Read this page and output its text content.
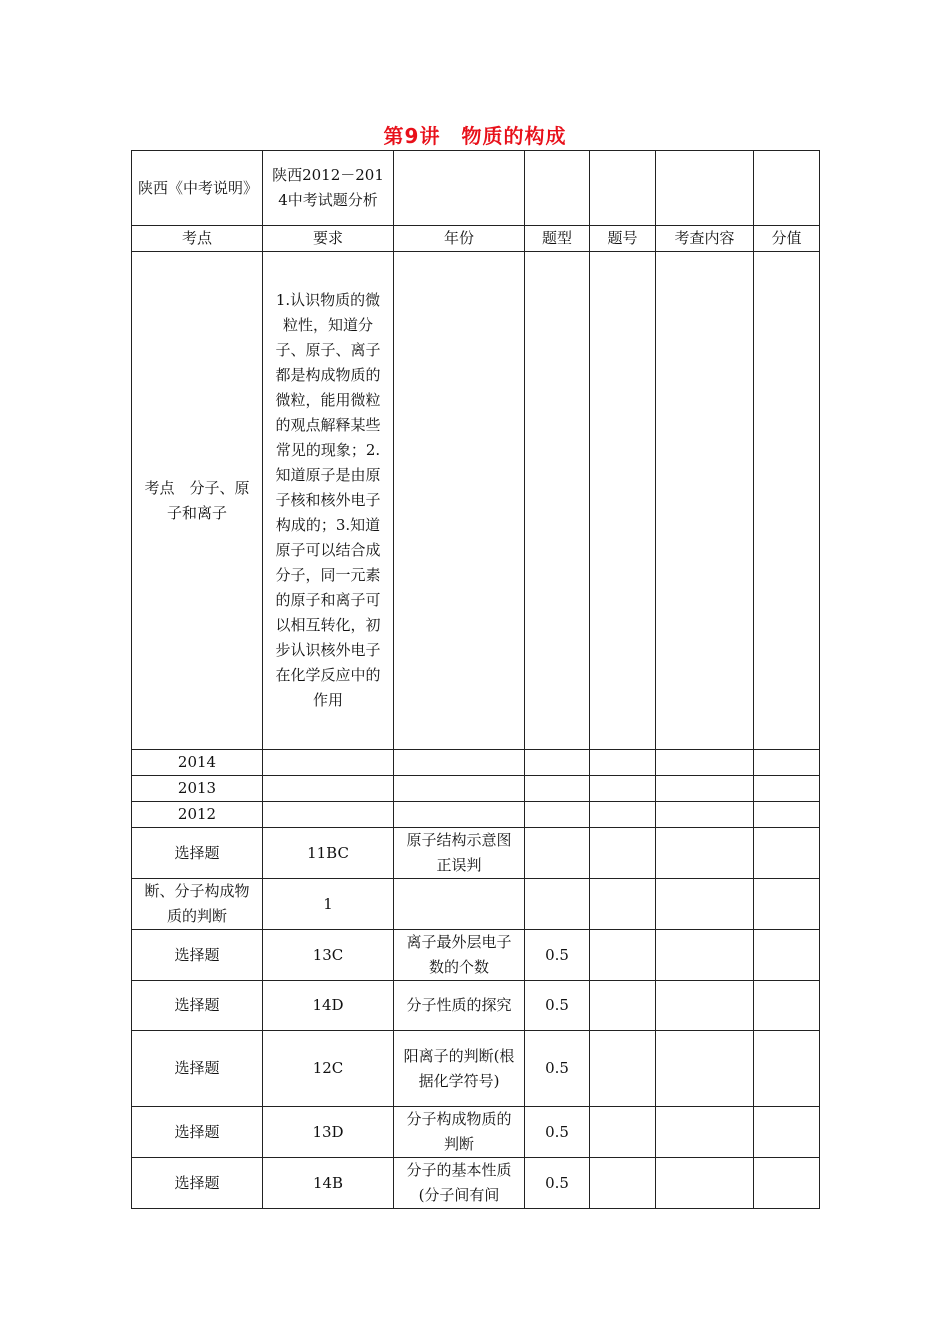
第9讲　物质的构成
陕西《中考说明》	陕西2012－2014中考试题分析					
考点	要求	年份	题型	题号	考查内容	分值
考点　分子、原子和离子	1.认识物质的微粒性，知道分子、原子、离子都是构成物质的微粒，能用微粒的观点解释某些常见的现象；2.知道原子是由原子核和核外电子构成的；3.知道原子可以结合成分子，同一元素的原子和离子可以相互转化，初步认识核外电子在化学反应中的作用					
2014						
2013						
2012						
选择题	11BC	原子结构示意图正误判				
断、分子构成物质的判断	1					
选择题	13C	离子最外层电子数的个数	0.5			
选择题	14D	分子性质的探究	0.5			
选择题	12C	阳离子的判断(根据化学符号)	0.5			
选择题	13D	分子构成物质的判断	0.5			
选择题	14B	分子的基本性质(分子间有间	0.5			
